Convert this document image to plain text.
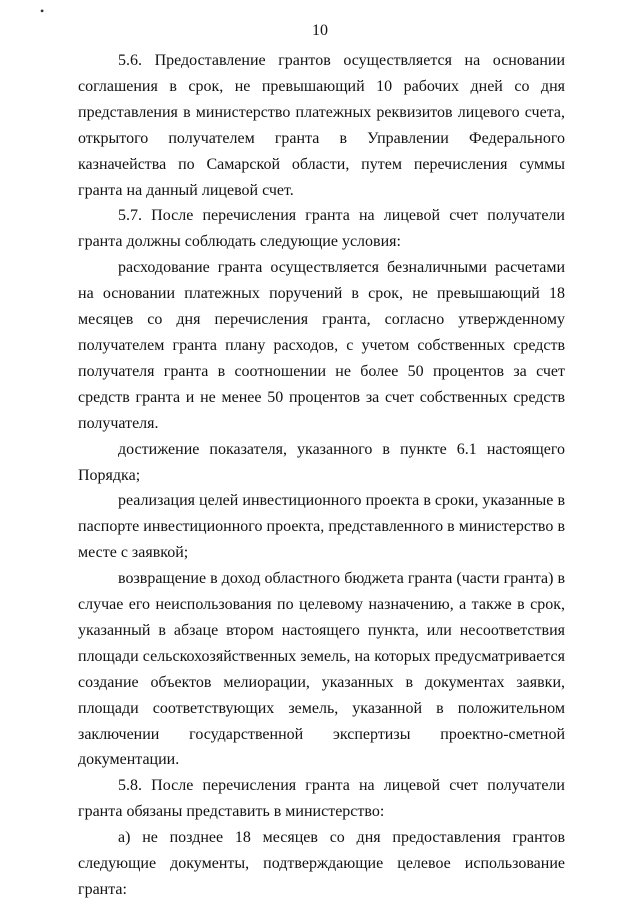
•
10

5.6. Предоставление грантов осуществляется на основании соглашения в срок, не превышающий 10 рабочих дней со дня представления в министерство платежных реквизитов лицевого счета, открытого получателем гранта в Управлении Федерального казначейства по Самарской области, путем перечисления суммы гранта на данный лицевой счет.

5.7. После перечисления гранта на лицевой счет получатели гранта должны соблюдать следующие условия:

расходование гранта осуществляется безналичными расчетами на основании платежных поручений в срок, не превышающий 18 месяцев со дня перечисления гранта, согласно утвержденному получателем гранта плану расходов, с учетом собственных средств получателя гранта в соотношении не более 50 процентов за счет средств гранта и не менее 50 процентов за счет собственных средств получателя.

достижение показателя, указанного в пункте 6.1 настоящего Порядка;

реализация целей инвестиционного проекта в сроки, указанные в паспорте инвестиционного проекта, представленного в министерство в месте с заявкой;

возвращение в доход областного бюджета гранта (части гранта) в случае его неиспользования по целевому назначению, а также в срок, указанный в абзаце втором настоящего пункта, или несоответствия площади сельскохозяйственных земель, на которых предусматривается создание объектов мелиорации, указанных в документах заявки, площади соответствующих земель, указанной в положительном заключении государственной экспертизы проектно-сметной документации.

5.8. После перечисления гранта на лицевой счет получатели гранта обязаны представить в министерство:

а) не позднее 18 месяцев со дня предоставления грантов следующие документы, подтверждающие целевое использование гранта:
